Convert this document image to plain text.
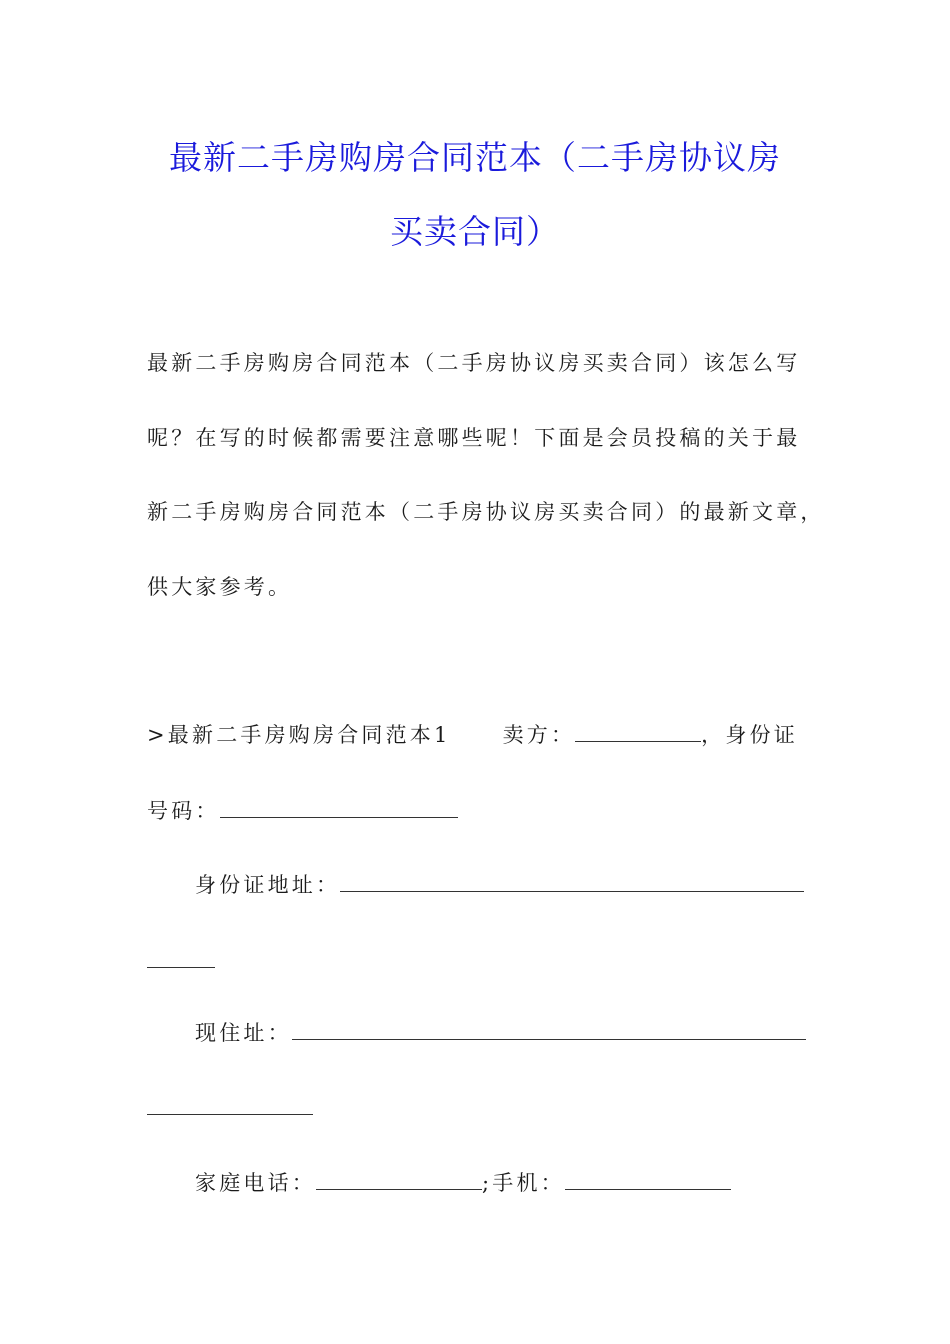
最新二手房购房合同范本（二手房协议房
买卖合同）
最新二手房购房合同范本（二手房协议房买卖合同）该怎么写
呢？在写的时候都需要注意哪些呢！下面是会员投稿的关于最
新二手房购房合同范本（二手房协议房买卖合同）的最新文章，
供大家参考。
>最新二手房购房合同范本1 卖方：	，身份证
号码：
身份证地址：
现住址：
家庭电话：	;手机：
